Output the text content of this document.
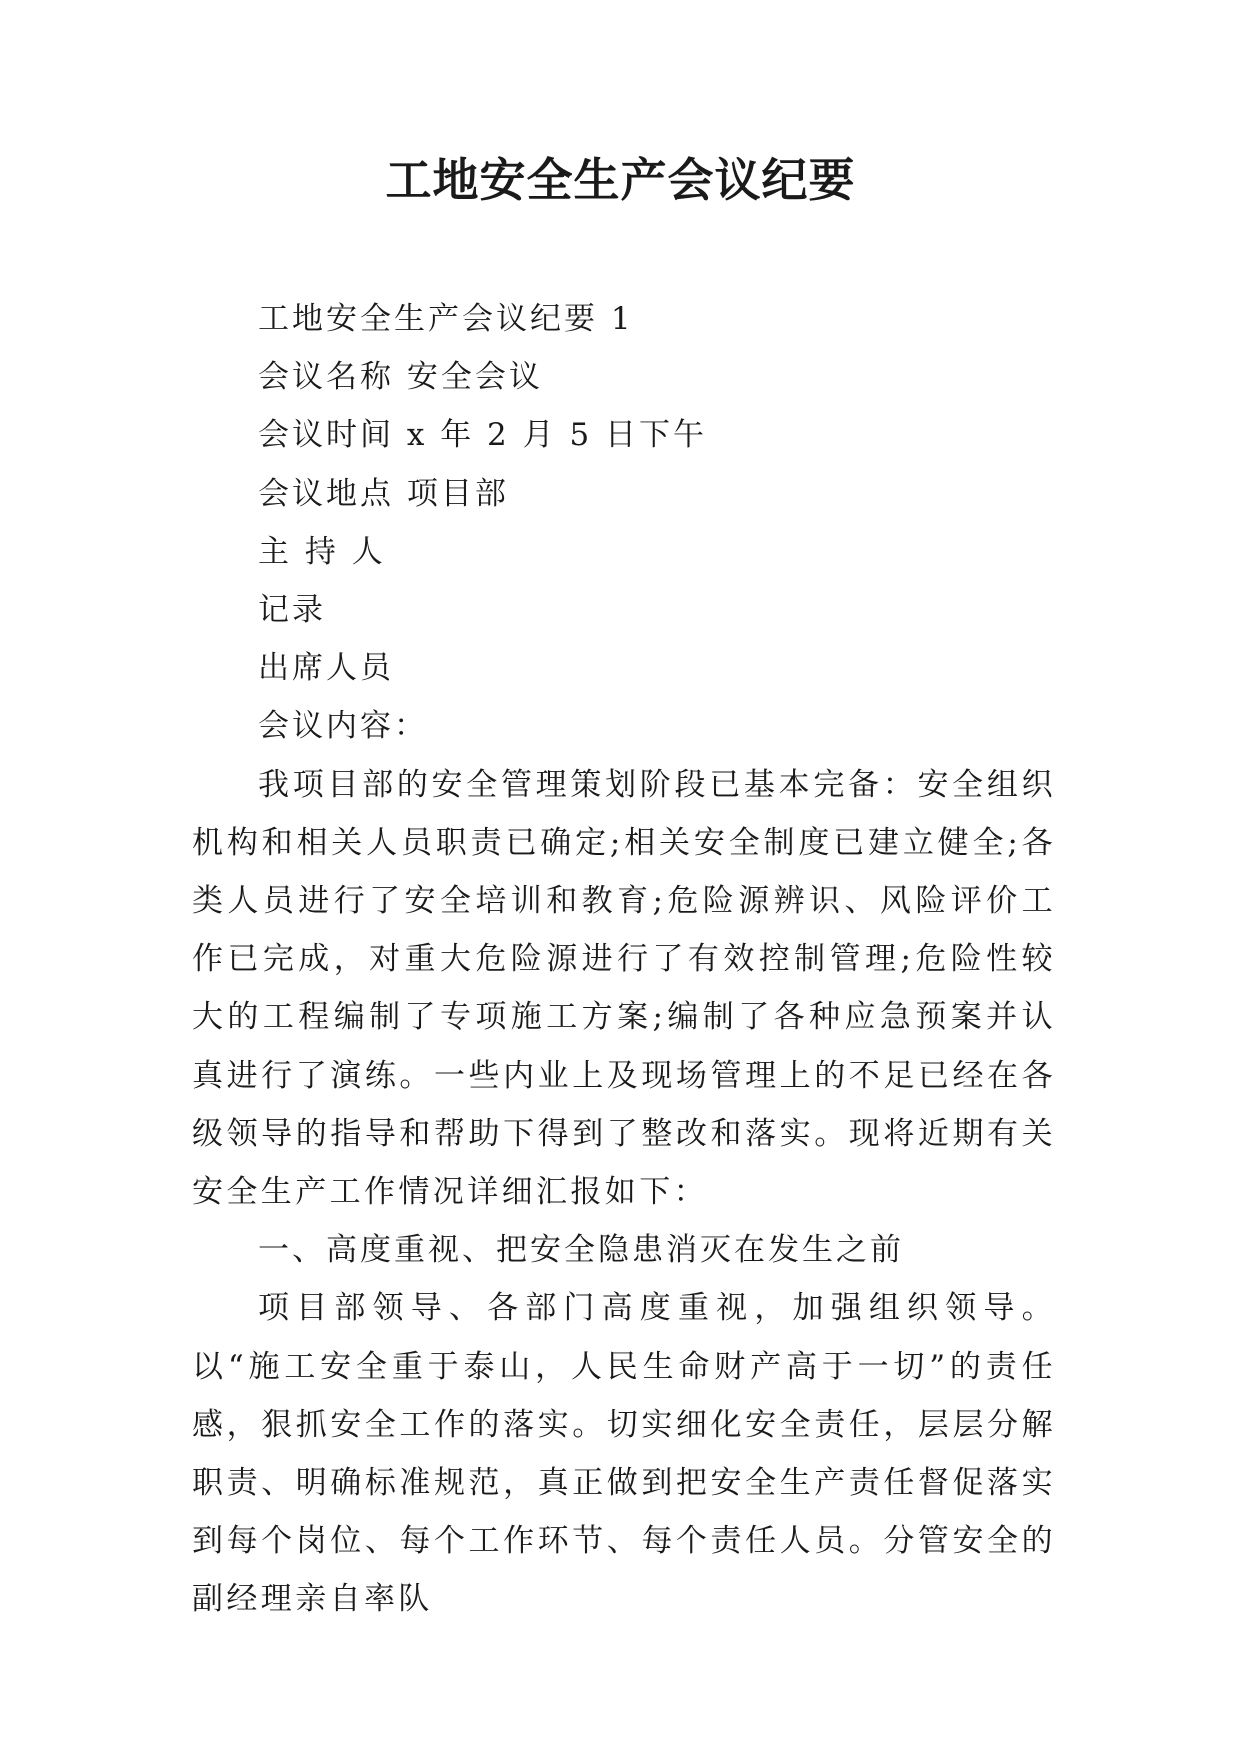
工地安全生产会议纪要

工地安全生产会议纪要 1

会议名称 安全会议

会议时间 x 年 2 月 5 日下午

会议地点 项目部

主 持 人

记录

出席人员

会议内容：

我项目部的安全管理策划阶段已基本完备：安全组织机构和相关人员职责已确定;相关安全制度已建立健全;各类人员进行了安全培训和教育;危险源辨识、风险评价工作已完成，对重大危险源进行了有效控制管理;危险性较大的工程编制了专项施工方案;编制了各种应急预案并认真进行了演练。一些内业上及现场管理上的不足已经在各级领导的指导和帮助下得到了整改和落实。现将近期有关安全生产工作情况详细汇报如下：

一、高度重视、把安全隐患消灭在发生之前

项目部领导、各部门高度重视，加强组织领导。以“施工安全重于泰山，人民生命财产高于一切”的责任感，狠抓安全工作的落实。切实细化安全责任，层层分解职责、明确标准规范，真正做到把安全生产责任督促落实到每个岗位、每个工作环节、每个责任人员。分管安全的副经理亲自率队
